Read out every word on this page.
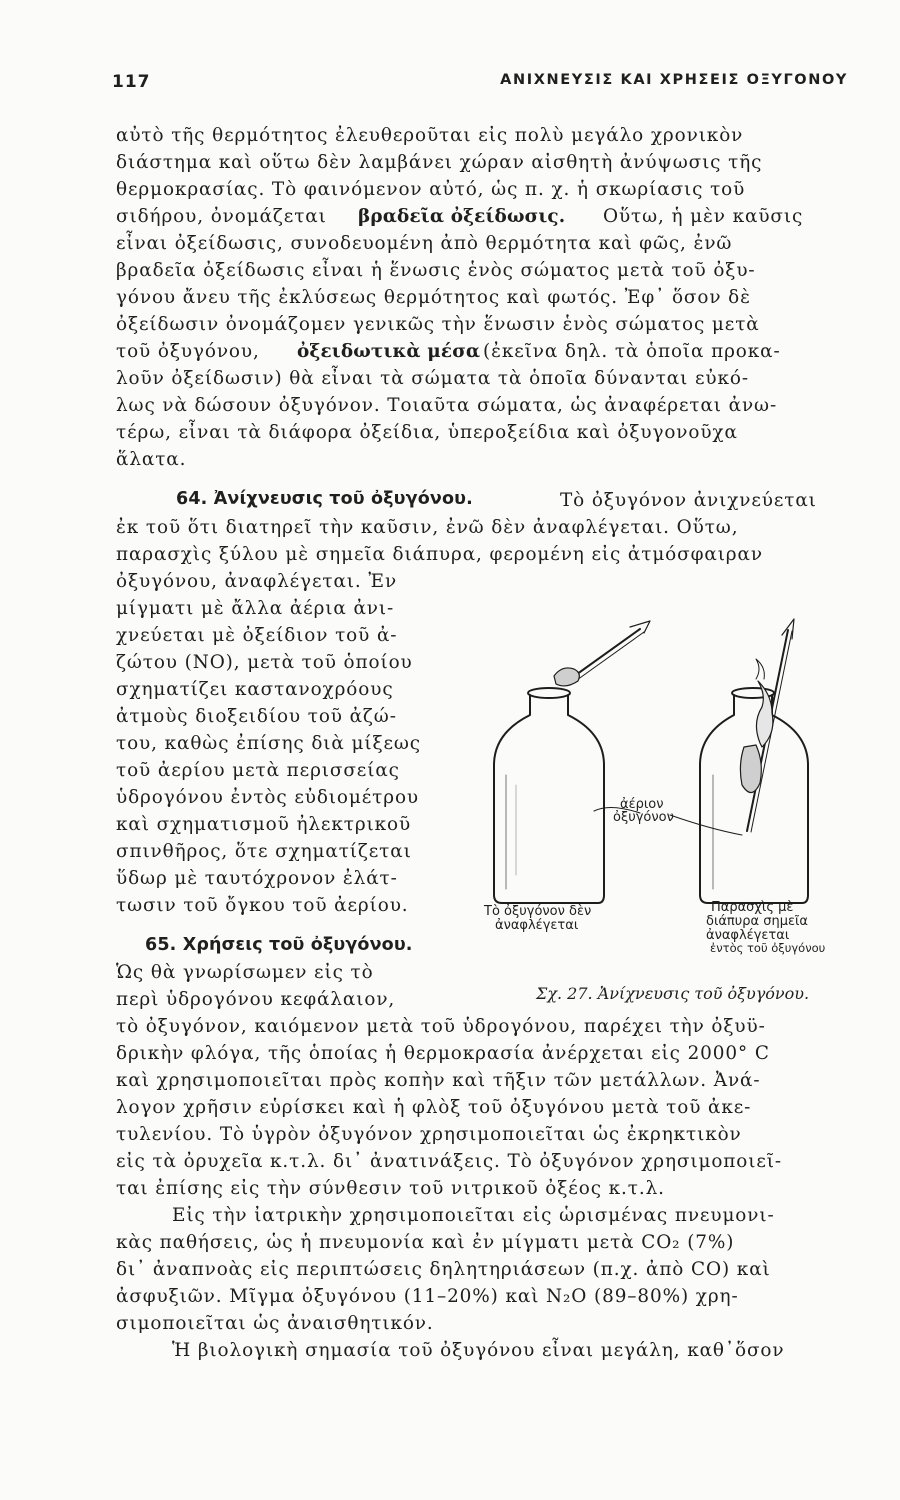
117	ΑΝΙΧΝΕΥΣΙΣ ΚΑΙ ΧΡΗΣΕΙΣ ΟΞΥΓΟΝΟΥ
αὐτὸ τῆς θερμότητος ἐλευθεροῦται εἰς πολὺ μεγάλο χρονικὸν
διάστημα καὶ οὕτω δὲν λαμβάνει χώραν αἰσθητὴ ἀνύψωσις τῆς
θερμοκρασίας. Τὸ φαινόμενον αὐτό, ὡς π. χ. ἡ σκωρίασις τοῦ
σιδήρου, ὀνομάζεται βραδεῖα ὀξείδωσις. Οὕτω, ἡ μὲν καῦσις
εἶναι ὀξείδωσις, συνοδευομένη ἀπὸ θερμότητα καὶ φῶς, ἐνῶ
βραδεῖα ὀξείδωσις εἶναι ἡ ἕνωσις ἑνὸς σώματος μετὰ τοῦ ὀξυ-
γόνου ἄνευ τῆς ἐκλύσεως θερμότητος καὶ φωτός. Ἐφ᾿ ὅσον δὲ
ὀξείδωσιν ὀνομάζομεν γενικῶς τὴν ἕνωσιν ἑνὸς σώματος μετὰ
τοῦ ὀξυγόνου, ὀξειδωτικὰ μέσα (ἐκεῖνα δηλ. τὰ ὁποῖα προκα-
λοῦν ὀξείδωσιν) θὰ εἶναι τὰ σώματα τὰ ὁποῖα δύνανται εὐκό-
λως νὰ δώσουν ὀξυγόνον. Τοιαῦτα σώματα, ὡς ἀναφέρεται ἀνω-
τέρω, εἶναι τὰ διάφορα ὀξείδια, ὑπεροξείδια καὶ ὀξυγονοῦχα
ἅλατα.
64. Ἀνίχνευσις τοῦ ὀξυγόνου.	Τὸ ὀξυγόνον ἀνιχνεύεται
ἐκ τοῦ ὅτι διατηρεῖ τὴν καῦσιν, ἐνῶ δὲν ἀναφλέγεται. Οὕτω,
παρασχὶς ξύλου μὲ σημεῖα διάπυρα, φερομένη εἰς ἀτμόσφαιραν
ὀξυγόνου, ἀναφλέγεται. Ἐν
μίγματι μὲ ἄλλα ἀέρια ἀνι-
χνεύεται μὲ ὀξείδιον τοῦ ἀ-
ζώτου (NO), μετὰ τοῦ ὁποίου
σχηματίζει καστανοχρόους
ἀτμοὺς διοξειδίου τοῦ ἀζώ-
του, καθὼς ἐπίσης διὰ μίξεως
τοῦ ἀερίου μετὰ περισσείας
ὑδρογόνου ἐντὸς εὐδιομέτρου
καὶ σχηματισμοῦ ἠλεκτρικοῦ
σπινθῆρος, ὅτε σχηματίζεται
ὕδωρ μὲ ταυτόχρονον ἐλάτ-
τωσιν τοῦ ὄγκου τοῦ ἀερίου.
65. Χρήσεις τοῦ ὀξυγόνου.
Ὡς θὰ γνωρίσωμεν εἰς τὸ
περὶ ὑδρογόνου κεφάλαιον,
τὸ ὀξυγόνον, καιόμενον μετὰ τοῦ ὑδρογόνου, παρέχει τὴν ὀξυϋ-
δρικὴν φλόγα, τῆς ὁποίας ἡ θερμοκρασία ἀνέρχεται εἰς 2000° C
καὶ χρησιμοποιεῖται πρὸς κοπὴν καὶ τῆξιν τῶν μετάλλων. Ἀνά-
λογον χρῆσιν εὑρίσκει καὶ ἡ φλὸξ τοῦ ὀξυγόνου μετὰ τοῦ ἀκε-
τυλενίου. Τὸ ὑγρὸν ὀξυγόνον χρησιμοποιεῖται ὡς ἐκρηκτικὸν
εἰς τὰ ὀρυχεῖα κ.τ.λ. δι᾿ ἀνατινάξεις. Τὸ ὀξυγόνον χρησιμοποιεῖ-
ται ἐπίσης εἰς τὴν σύνθεσιν τοῦ νιτρικοῦ ὀξέος κ.τ.λ.
Εἰς τὴν ἰατρικὴν χρησιμοποιεῖται εἰς ὡρισμένας πνευμονι-
κὰς παθήσεις, ὡς ἡ πνευμονία καὶ ἐν μίγματι μετὰ CO₂ (7%)
δι᾿ ἀναπνοὰς εἰς περιπτώσεις δηλητηριάσεων (π.χ. ἀπὸ CO) καὶ
ἀσφυξιῶν. Μῖγμα ὀξυγόνου (11–20%) καὶ N₂O (89–80%) χρη-
σιμοποιεῖται ὡς ἀναισθητικόν.
Ἡ βιολογικὴ σημασία τοῦ ὀξυγόνου εἶναι μεγάλη, καθ᾿ὅσον
ἀέριον
ὀξυγόνον
Τὸ ὀξυγόνον δὲν
ἀναφλέγεται
Παρασχὶς μὲ
διάπυρα σημεῖα
ἀναφλέγεται
ἐντὸς τοῦ ὀξυγόνου
Σχ. 27. Ἀνίχνευσις τοῦ ὀξυγόνου.
